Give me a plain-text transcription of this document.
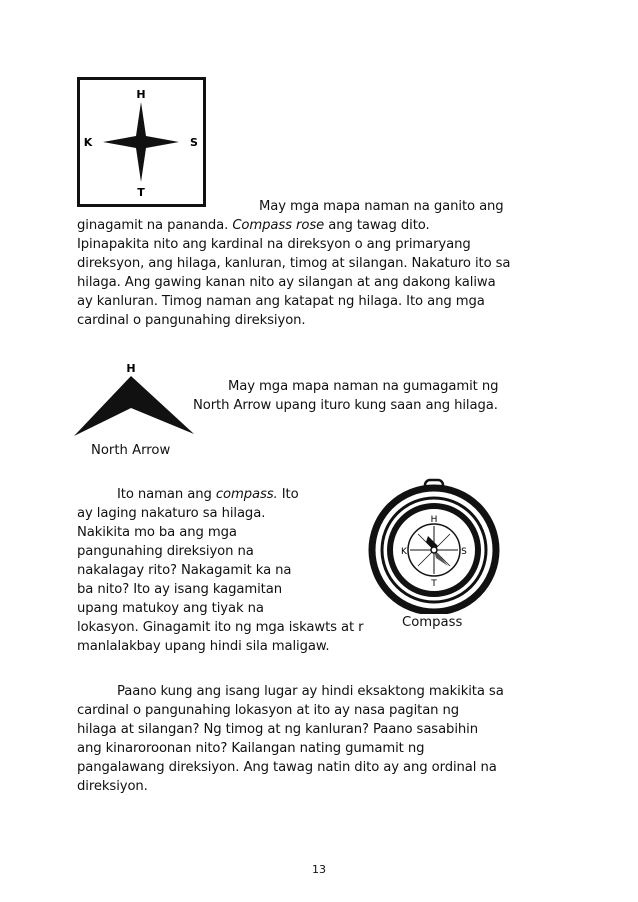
H
T
S
K
May mga mapa naman na ganito ang
ginagamit na pananda. Compass rose ang tawag dito.
Ipinapakita nito ang kardinal na direksyon o ang primaryang
direksyon, ang hilaga, kanluran, timog at silangan. Nakaturo ito sa
hilaga. Ang gawing kanan nito ay silangan at ang dakong kaliwa
ay kanluran. Timog naman ang katapat ng hilaga. Ito ang mga
cardinal o pangunahing direksiyon.
H
North Arrow
May mga mapa naman na gumagamit ng
North Arrow upang ituro kung saan ang hilaga.
Ito naman ang compass. Ito
ay laging nakaturo sa hilaga.
Nakikita mo ba ang mga
pangunahing direksiyon na
nakalagay rito? Nakagamit ka na
ba nito? Ito ay isang kagamitan
upang matukoy ang tiyak na
lokasyon. Ginagamit ito ng mga iskawts at r
manlalakbay upang hindi sila maligaw.
H
T
S
K
Compass
Paano kung ang isang lugar ay hindi eksaktong makikita sa
cardinal o pangunahing lokasyon at ito ay nasa pagitan ng
hilaga at silangan? Ng timog at ng kanluran? Paano sasabihin
ang kinaroroonan nito? Kailangan nating gumamit ng
pangalawang direksiyon. Ang tawag natin dito ay ang ordinal na
direksiyon.
13
